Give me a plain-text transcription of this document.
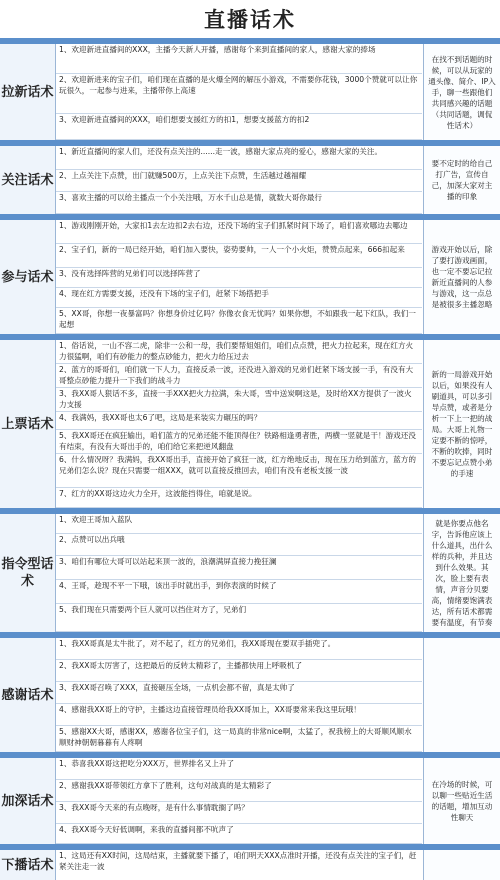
直播话术
拉新话术
1、欢迎新进直播间的XXX，主播今天新人开播，感谢每个来到直播间的家人，感谢大家的捧场
2、欢迎新进来的宝子们，咱们现在直播的是火爆全网的解压小游戏，不需要你花钱，3000个赞就可以让你玩很久，一起参与进来，主播带你上高速
3、欢迎新进直播间的XXX，咱们想要支援红方的扣1，想要支援蓝方的扣2
在找不到话题的时候，可以从玩家的通头像、简介、IP入手，聊一些跟他们共同感兴趣的话题（共同话题，调侃性话术）
关注话术
1、新近直播间的家人们，还没有点关注的......走一波，感谢大家点亮的爱心，感谢大家的关注。
2、上点关注下点赞，出门就赚500万，上点关注下点赞，生活越过越福耀
3、喜欢主播的可以给主播点一个小关注哦，万水千山总是情，就数大哥你最行
要不定时的给自己打广告，宣传自己，加深大家对主播的印象
参与话术
1、游戏刚刚开始，大家扣1去左边扣2去右边，还没下场的宝子们抓紧时间下场了，咱们喜欢哪边去哪边
2、宝子们，新的一局已经开始，咱们加入要快，姿势要帅，一人一个小火炬，赞赞点起来，666扣起来
3、没有选择阵营的兄弟们可以选择阵营了
4、现在红方需要支援，还没有下场的宝子们，赶紧下场搭把手
5、XX哥，你想一夜暴富吗？你想身价过亿吗？你像衣食无忧吗？如果你想，不如跟我一起下红队，我们一起想
游戏开始以后，除了要打游戏画面，也一定不要忘记拉新近直播间的人参与游戏，这一点总是被很多主播忽略
上票话术
1、俗话说，一山不容二虎，除非一公和一母，我们要帮姐姐们，咱们点点赞，把火力拉起来，现在红方火力很猛啊，咱们有砂能力的整点砂能力，把火力给压过去
2、蓝方的哥哥们，咱们就一下人力，直接反杀一波，还没进入游戏的兄弟们赶紧下场支援一手，有没有大哥整点砂能力提升一下我们的战斗力
3、我XX哥人狠话不多，直接一手XXX把火力拉满，朱大哥，雪中送炭啊这是，及时给XX方提供了一波火力支援
4、我满妈，我XX哥也太6了吧，这局是来装实力碾压的吗？
5、我XX哥还在疯狂输出，咱们蓝方的兄弟还能不能顶得住？铁路相逢勇者胜，两横一竖就是干！游戏还没有结束，有没有大哥出手的，咱们给它来把逆风翻盘
6、什么情况呀？我满妈，我XX哥出手，直接开始了疯狂一波，红方绝地反击，现在压力给到蓝方，蓝方的兄弟们怎么说？现在只需要一组XXX，就可以直接反推回去，咱们有没有老板支援一波
7、红方的XX哥这边火力全开，这波能挡得住，咱就是说。
新的一局游戏开始以后，如果没有人刷道具，可以多引导点赞，或者是分析一下上一把的战局。大哥上礼物一定要不断的惊呼，不断的吹捧，同时不要忘记点赞小弟的手速
指令型话术
1、欢迎王哥加入蓝队
2、点赞可以出兵哦
3、咱们有哪位大哥可以站起来顶一波的，浪潮满屏直接力挽狂澜
4、王哥，趁现不平一下哦，该出手时就出手，到你表演的时候了
5、我们现在只需要两个巨人就可以挡住对方了，兄弟们
就是你要点他名字，告诉他应该上什么道具，出什么样的兵种，并且达到什么效果。其次，脸上要有表情，声音分贝要高，情绪要饱满表达，所有话术都需要有温度，有节奏
感谢话术
1、我XX哥真是太牛批了，对不起了，红方的兄弟们，我XX哥现在要双手插兜了。
2、我XX哥太厉害了，这把最后的反转太精彩了，主播都快用上呼吸机了
3、我XX哥召唤了XXX，直接砸压全场，一点机会都不留，真是太帅了
4、感谢我XX哥上的守护，主播这边直接管理员给我XX哥加上，XX哥要常来我这里玩哦！
5、感谢XX大哥，感谢XX，感谢各位宝子们，这一局真的非常nice啊，太猛了，祝我榜上的大哥顺风顺水顺财神朝朝暮暮有人疼啊
加深话术
1、恭喜我XX哥这把吃分XXX万，世界排名又上升了
2、感谢我XX哥带领红方拿下了胜利，这句对战真的是太精彩了
3、我XX哥今天来的有点晚呀，是有什么事情耽搁了吗？
4、我XX哥今天好低调啊，来我的直播间都不吭声了
在冷场的时候，可以聊一些贴近生活的话题，增加互动性聊天
下播话术
1、这局还有XX时间，这局结束，主播就要下播了，咱们明天XXX点准时开播，还没有点关注的宝子们，赶紧关注走一波
